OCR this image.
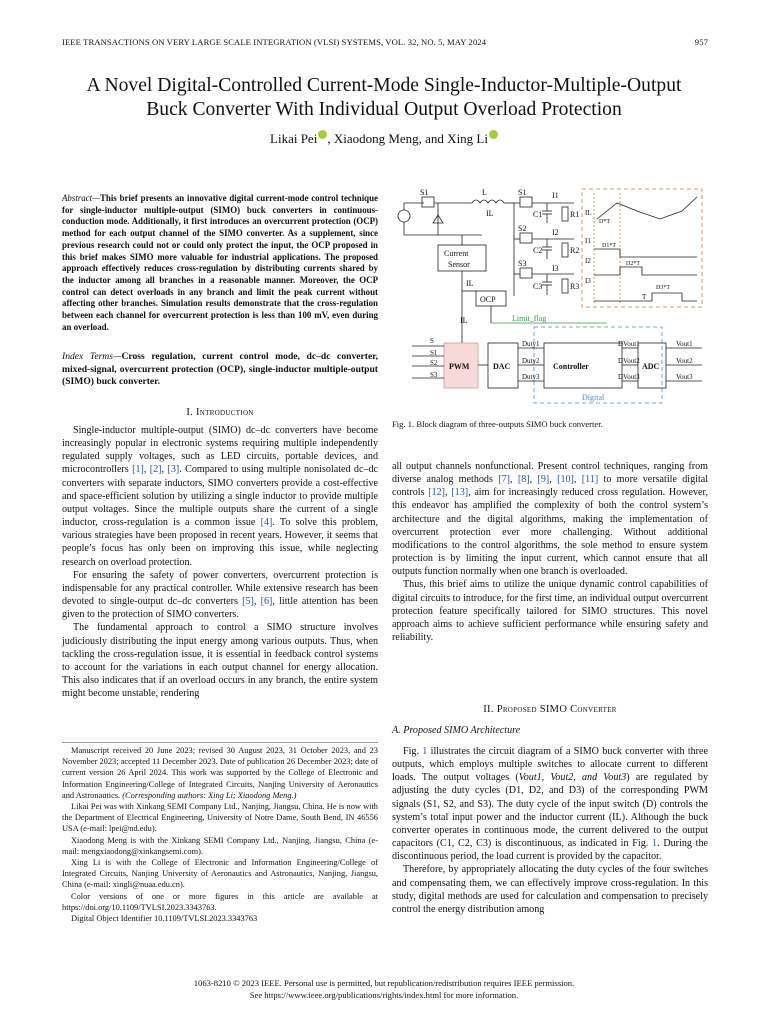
IEEE TRANSACTIONS ON VERY LARGE SCALE INTEGRATION (VLSI) SYSTEMS, VOL. 32, NO. 5, MAY 2024	957
A Novel Digital-Controlled Current-Mode Single-Inductor-Multiple-Output
Buck Converter With Individual Output Overload Protection
Likai Pei , Xiaodong Meng, and Xing Li
Abstract—This brief presents an innovative digital current-mode control technique for single-inductor multiple-output (SIMO) buck converters in continuous-conduction mode. Additionally, it first introduces an overcurrent protection (OCP) method for each output channel of the SIMO converter. As a supplement, since previous research could not or could only protect the input, the OCP proposed in this brief makes SIMO more valuable for industrial applications. The proposed approach effectively reduces cross-regulation by distributing currents shared by the inductor among all branches in a reasonable manner. Moreover, the OCP control can detect overloads in any branch and limit the peak current without affecting other branches. Simulation results demonstrate that the cross-regulation between each channel for overcurrent protection is less than 100 mV, even during an overload.
Index Terms—Cross regulation, current control mode, dc–dc converter, mixed-signal, overcurrent protection (OCP), single-inductor multiple-output (SIMO) buck converter.
I. Introduction

Single-inductor multiple-output (SIMO) dc–dc converters have become increasingly popular in electronic systems requiring multiple independently regulated supply voltages, such as LED circuits, portable devices, and microcontrollers [1], [2], [3]. Compared to using multiple nonisolated dc–dc converters with separate inductors, SIMO converters provide a cost-effective and space-efficient solution by utilizing a single inductor to provide multiple output voltages. Since the multiple outputs share the current of a single inductor, cross-regulation is a common issue [4]. To solve this problem, various strategies have been proposed in recent years. However, it seems that people’s focus has only been on improving this issue, while neglecting research on overload protection.

For ensuring the safety of power converters, overcurrent protection is indispensable for any practical controller. While extensive research has been devoted to single-output dc–dc converters [5], [6], little attention has been given to the protection of SIMO converters.

The fundamental approach to control a SIMO structure involves judiciously distributing the input energy among various outputs. Thus, when tackling the cross-regulation issue, it is essential in feedback control systems to account for the variations in each output channel for energy allocation. This also indicates that if an overload occurs in any branch, the entire system might become unstable, rendering

Manuscript received 20 June 2023; revised 30 August 2023, 31 October 2023, and 23 November 2023; accepted 11 December 2023. Date of publication 26 December 2023; date of current version 26 April 2024. This work was supported by the College of Electronic and Information Engineering/College of Integrated Circuits, Nanjing University of Aeronautics and Astronautics. (Corresponding authors: Xing Li; Xiaodong Meng.)

Likai Pei was with Xinkang SEMI Company Ltd., Nanjing, Jiangsu, China. He is now with the Department of Electrical Engineering, University of Notre Dame, South Bend, IN 46556 USA (e-mail: lpei@nd.edu).

Xiaodong Meng is with the Xinkang SEMI Company Ltd., Nanjing, Jiangsu, China (e-mail: mengxiaodong@xinkangsemi.com).

Xing Li is with the College of Electronic and Information Engineering/College of Integrated Circuits, Nanjing University of Aeronautics and Astronautics, Nanjing, Jiangsu, China (e-mail: xingli@nuaa.edu.cn).

Color versions of one or more figures in this article are available at https://doi.org/10.1109/TVLSI.2023.3343763.

Digital Object Identifier 10.1109/TVLSI.2023.3343763

S1	L
IL
S1
S2
S3
I1
I2
I3
C1
C2
C3
R1
R2
R3
Current
Sensor
OCP
IL
IL	Limit_flag
PWM	DAC	Controller	ADC
Digital
S
S1
S2
S3
Duty1
Duty2
Duty3
DVout1
DVout2
DVout3
Vout1
Vout2
Vout3
IL
I1
I2
I3
D*T
D1*T
D2*T
D3*T
T
Fig. 1. Block diagram of three-outputs SIMO buck converter.

all output channels nonfunctional. Present control techniques, ranging from diverse analog methods [7], [8], [9], [10], [11] to more versatile digital controls [12], [13], aim for increasingly reduced cross regulation. However, this endeavor has amplified the complexity of both the control system’s architecture and the digital algorithms, making the implementation of overcurrent protection ever more challenging. Without additional modifications to the control algorithms, the sole method to ensure system protection is by limiting the input current, which cannot ensure that all outputs function normally when one branch is overloaded.

Thus, this brief aims to utilize the unique dynamic control capabilities of digital circuits to introduce, for the first time, an individual output overcurrent protection feature specifically tailored for SIMO structures. This novel approach aims to achieve sufficient performance while ensuring safety and reliability.

II. Proposed SIMO Converter
A. Proposed SIMO Architecture

Fig. 1 illustrates the circuit diagram of a SIMO buck converter with three outputs, which employs multiple switches to allocate current to different loads. The output voltages (Vout1, Vout2, and Vout3) are regulated by adjusting the duty cycles (D1, D2, and D3) of the corresponding PWM signals (S1, S2, and S3). The duty cycle of the input switch (D) controls the system’s total input power and the inductor current (IL). Although the buck converter operates in continuous mode, the current delivered to the output capacitors (C1, C2, C3) is discontinuous, as indicated in Fig. 1. During the discontinuous period, the load current is provided by the capacitor.

Therefore, by appropriately allocating the duty cycles of the four switches and compensating them, we can effectively improve cross-regulation. In this study, digital methods are used for calculation and compensation to precisely control the energy distribution among

1063-8210 © 2023 IEEE. Personal use is permitted, but republication/redistribution requires IEEE permission.
See https://www.ieee.org/publications/rights/index.html for more information.
